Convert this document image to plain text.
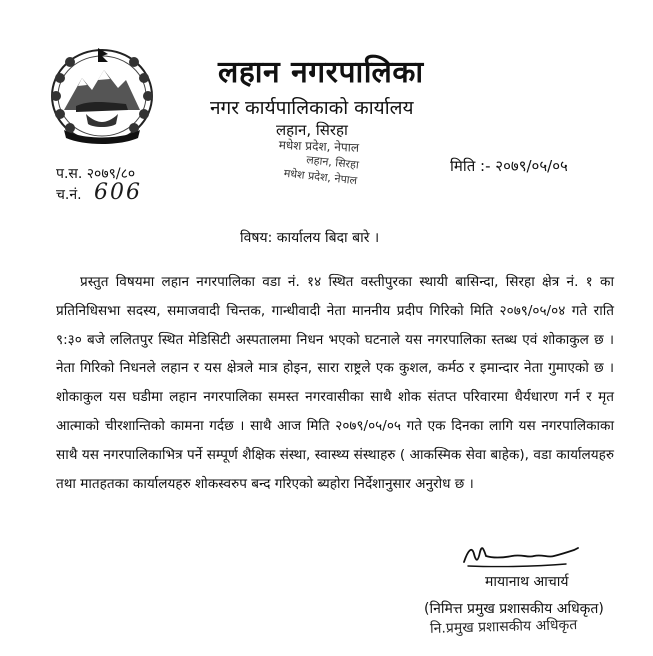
लहान नगरपालिका
नगर कार्यपालिकाको कार्यालय
लहान, सिरहा
मधेश प्रदेश, नेपाल
लहान, सिरहा
मधेश प्रदेश, नेपाल
प.स. २०७९/८०
च.नं. 606
मिति :- २०७९/०५/०५
विषय: कार्यालय बिदा बारे ।

प्रस्तुत विषयमा लहान नगरपालिका वडा नं. १४ स्थित वस्तीपुरका स्थायी बासिन्दा, सिरहा क्षेत्र नं. १ का प्रतिनिधिसभा सदस्य, समाजवादी चिन्तक, गान्धीवादी नेता माननीय प्रदीप गिरिको मिति २०७९/०५/०४ गते राति ९:३० बजे ललितपुर स्थित मेडिसिटी अस्पतालमा निधन भएको घटनाले यस नगरपालिका स्तब्ध एवं शोकाकुल छ । नेता गिरिको निधनले लहान र यस क्षेत्रले मात्र होइन, सारा राष्ट्रले एक कुशल, कर्मठ र इमान्दार नेता गुमाएको छ । शोकाकुल यस घडीमा लहान नगरपालिका समस्त नगरवासीका साथै शोक संतप्त परिवारमा धैर्यधारण गर्न र मृत आत्माको चीरशान्तिको कामना गर्दछ । साथै आज मिति २०७९/०५/०५ गते एक दिनका लागि यस नगरपालिकाका साथै यस नगरपालिकाभित्र पर्ने सम्पूर्ण शैक्षिक संस्था, स्वास्थ्य संस्थाहरु ( आकस्मिक सेवा बाहेक), वडा कार्यालयहरु तथा मातहतका कार्यालयहरु शोकस्वरुप बन्द गरिएको ब्यहोरा निर्देशानुसार अनुरोध छ ।

मायानाथ आचार्य
(निमित्त प्रमुख प्रशासकीय अधिकृत)
नि.प्रमुख प्रशासकीय अधिकृत
